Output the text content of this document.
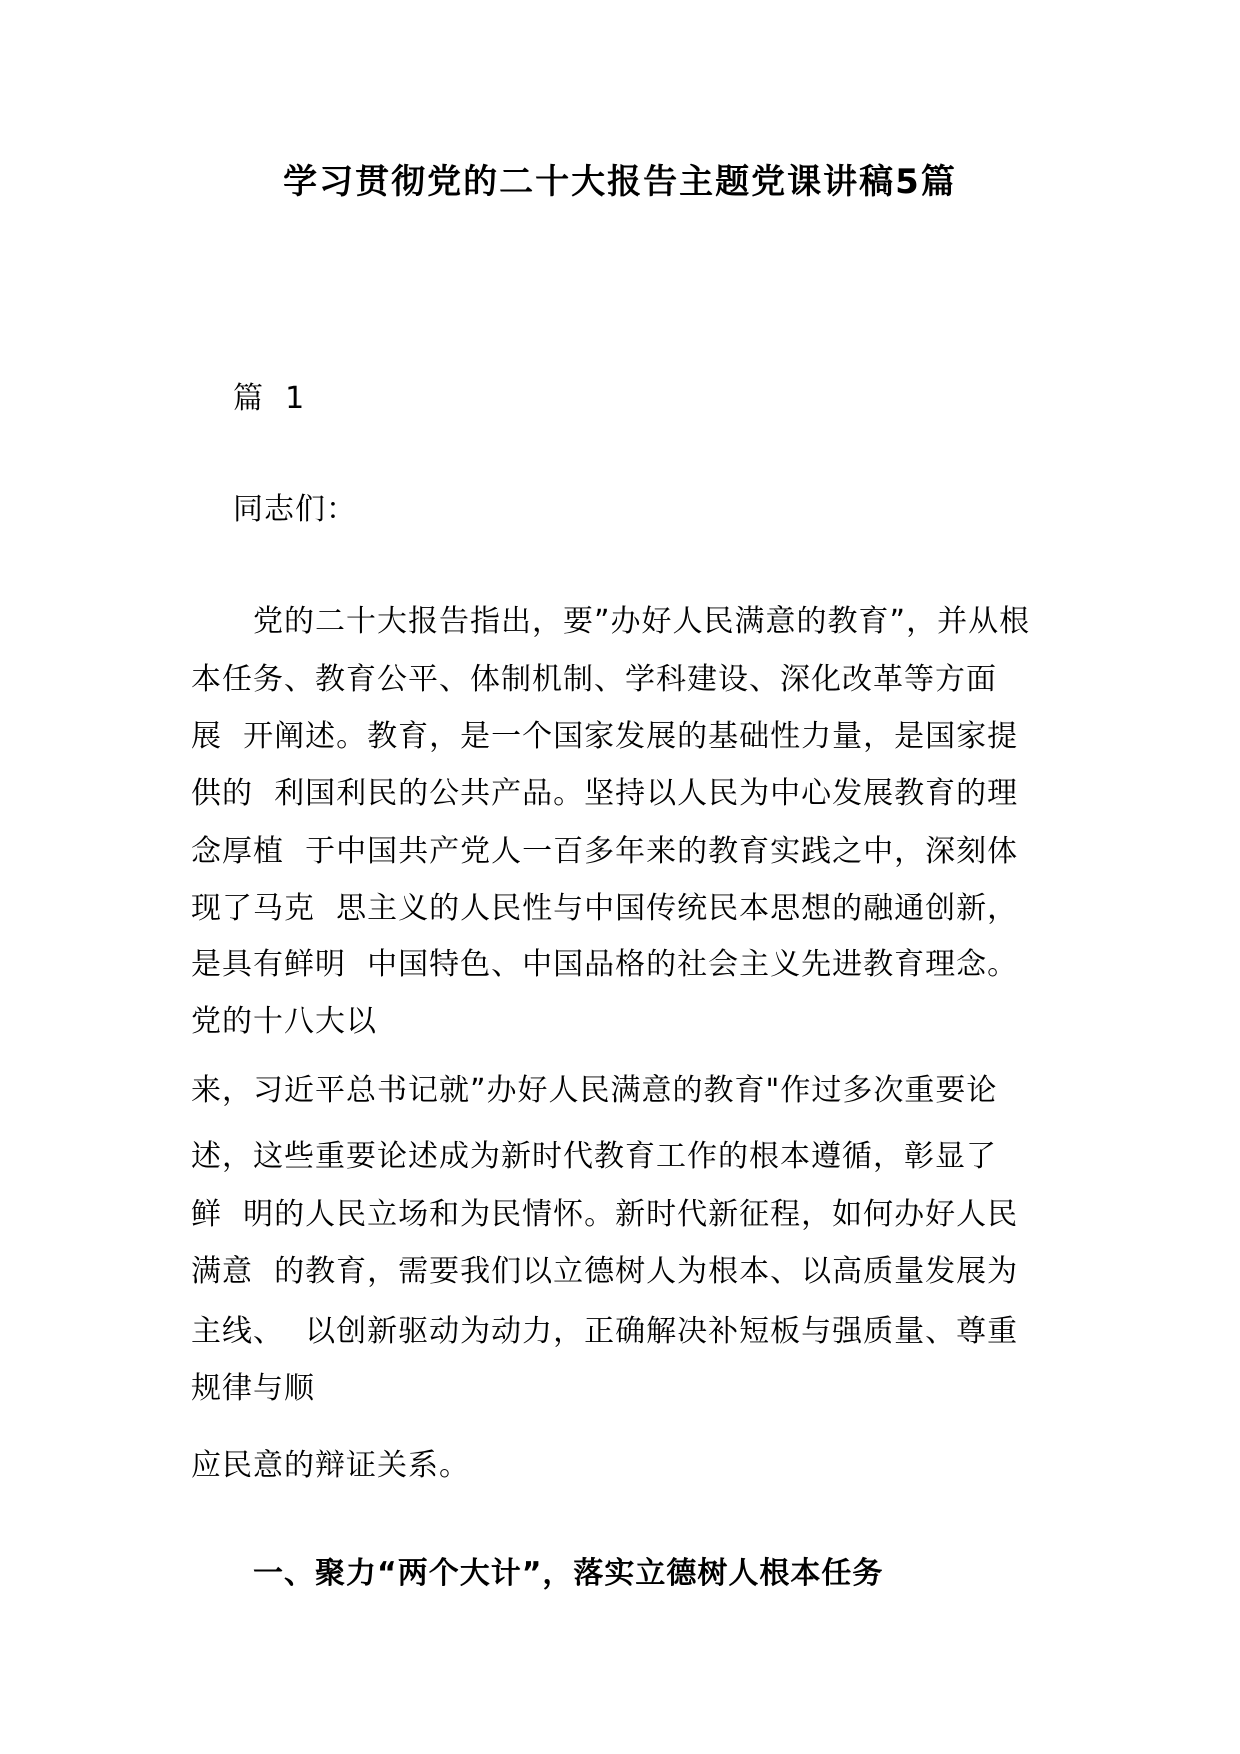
学习贯彻党的二十大报告主题党课讲稿5篇
篇  1
同志们：
党的二十大报告指出，要”办好人民满意的教育”，并从根
本任务、教育公平、体制机制、学科建设、深化改革等方面
展  开阐述。教育，是一个国家发展的基础性力量，是国家提
供的  利国利民的公共产品。坚持以人民为中心发展教育的理
念厚植  于中国共产党人一百多年来的教育实践之中，深刻体
现了马克  思主义的人民性与中国传统民本思想的融通创新，
是具有鲜明  中国特色、中国品格的社会主义先进教育理念。
党的十八大以
来，习近平总书记就”办好人民满意的教育"作过多次重要论
述，这些重要论述成为新时代教育工作的根本遵循，彰显了
鲜  明的人民立场和为民情怀。新时代新征程，如何办好人民
满意  的教育，需要我们以立德树人为根本、以高质量发展为
主线、  以创新驱动为动力，正确解决补短板与强质量、尊重
规律与顺
应民意的辩证关系。
一、聚力“两个大计”，落实立德树人根本任务
